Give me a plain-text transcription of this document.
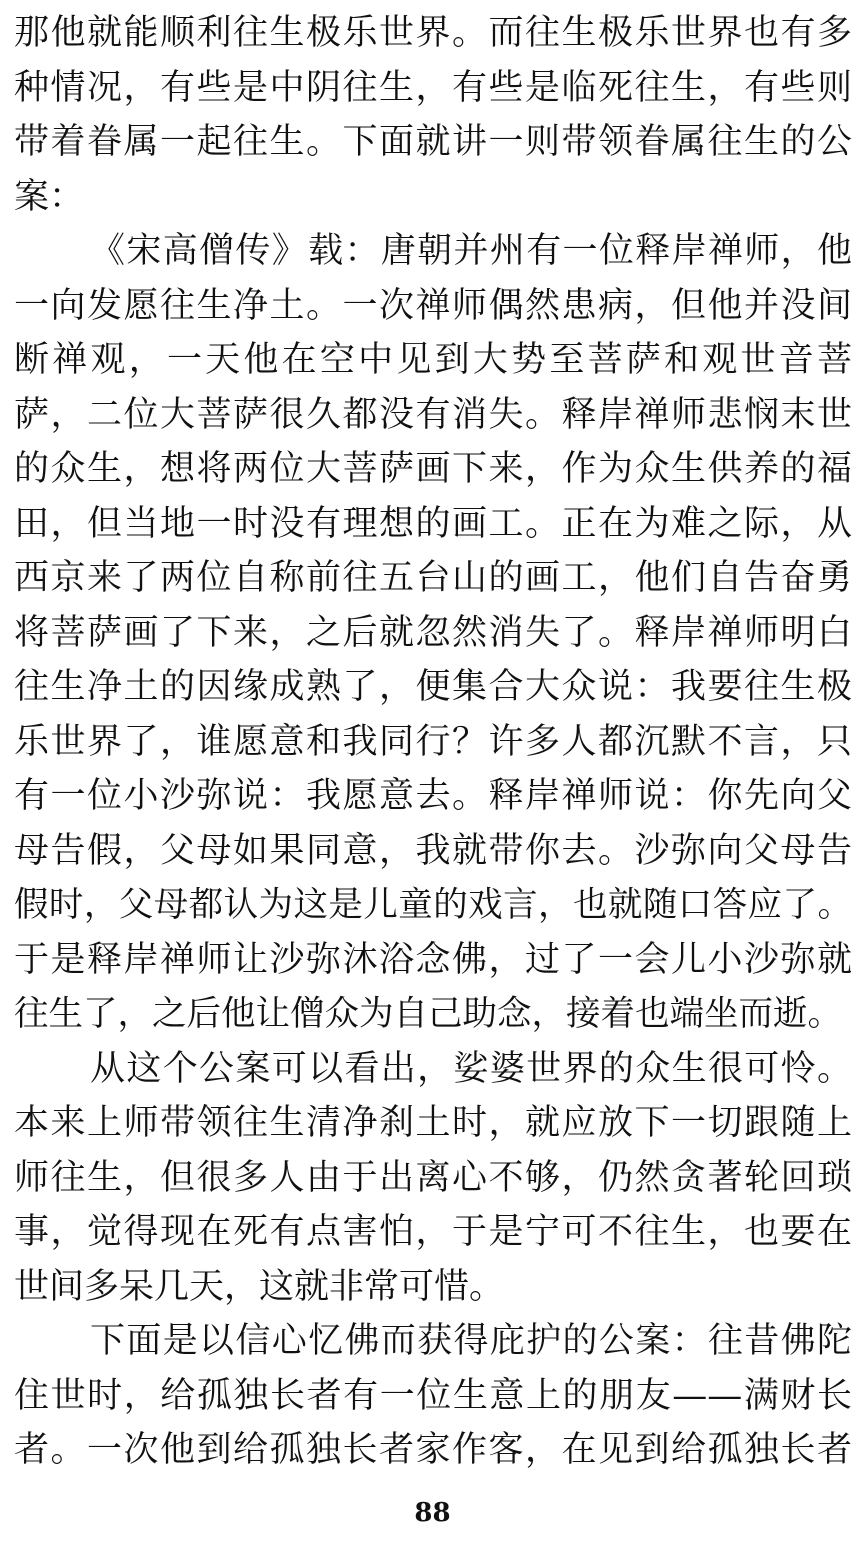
那他就能顺利往生极乐世界。而往生极乐世界也有多
种情况，有些是中阴往生，有些是临死往生，有些则
带着眷属一起往生。下面就讲一则带领眷属往生的公
案：
《宋高僧传》载：唐朝并州有一位释岸禅师，他
一向发愿往生净土。一次禅师偶然患病，但他并没间
断禅观，一天他在空中见到大势至菩萨和观世音菩
萨，二位大菩萨很久都没有消失。释岸禅师悲悯末世
的众生，想将两位大菩萨画下来，作为众生供养的福
田，但当地一时没有理想的画工。正在为难之际，从
西京来了两位自称前往五台山的画工，他们自告奋勇
将菩萨画了下来，之后就忽然消失了。释岸禅师明白
往生净土的因缘成熟了，便集合大众说：我要往生极
乐世界了，谁愿意和我同行？许多人都沉默不言，只
有一位小沙弥说：我愿意去。释岸禅师说：你先向父
母告假，父母如果同意，我就带你去。沙弥向父母告
假时，父母都认为这是儿童的戏言，也就随口答应了。
于是释岸禅师让沙弥沐浴念佛，过了一会儿小沙弥就
往生了，之后他让僧众为自己助念，接着也端坐而逝。
从这个公案可以看出，娑婆世界的众生很可怜。
本来上师带领往生清净刹土时，就应放下一切跟随上
师往生，但很多人由于出离心不够，仍然贪著轮回琐
事，觉得现在死有点害怕，于是宁可不往生，也要在
世间多呆几天，这就非常可惜。
下面是以信心忆佛而获得庇护的公案：往昔佛陀
住世时，给孤独长者有一位生意上的朋友——满财长
者。一次他到给孤独长者家作客，在见到给孤独长者
88
